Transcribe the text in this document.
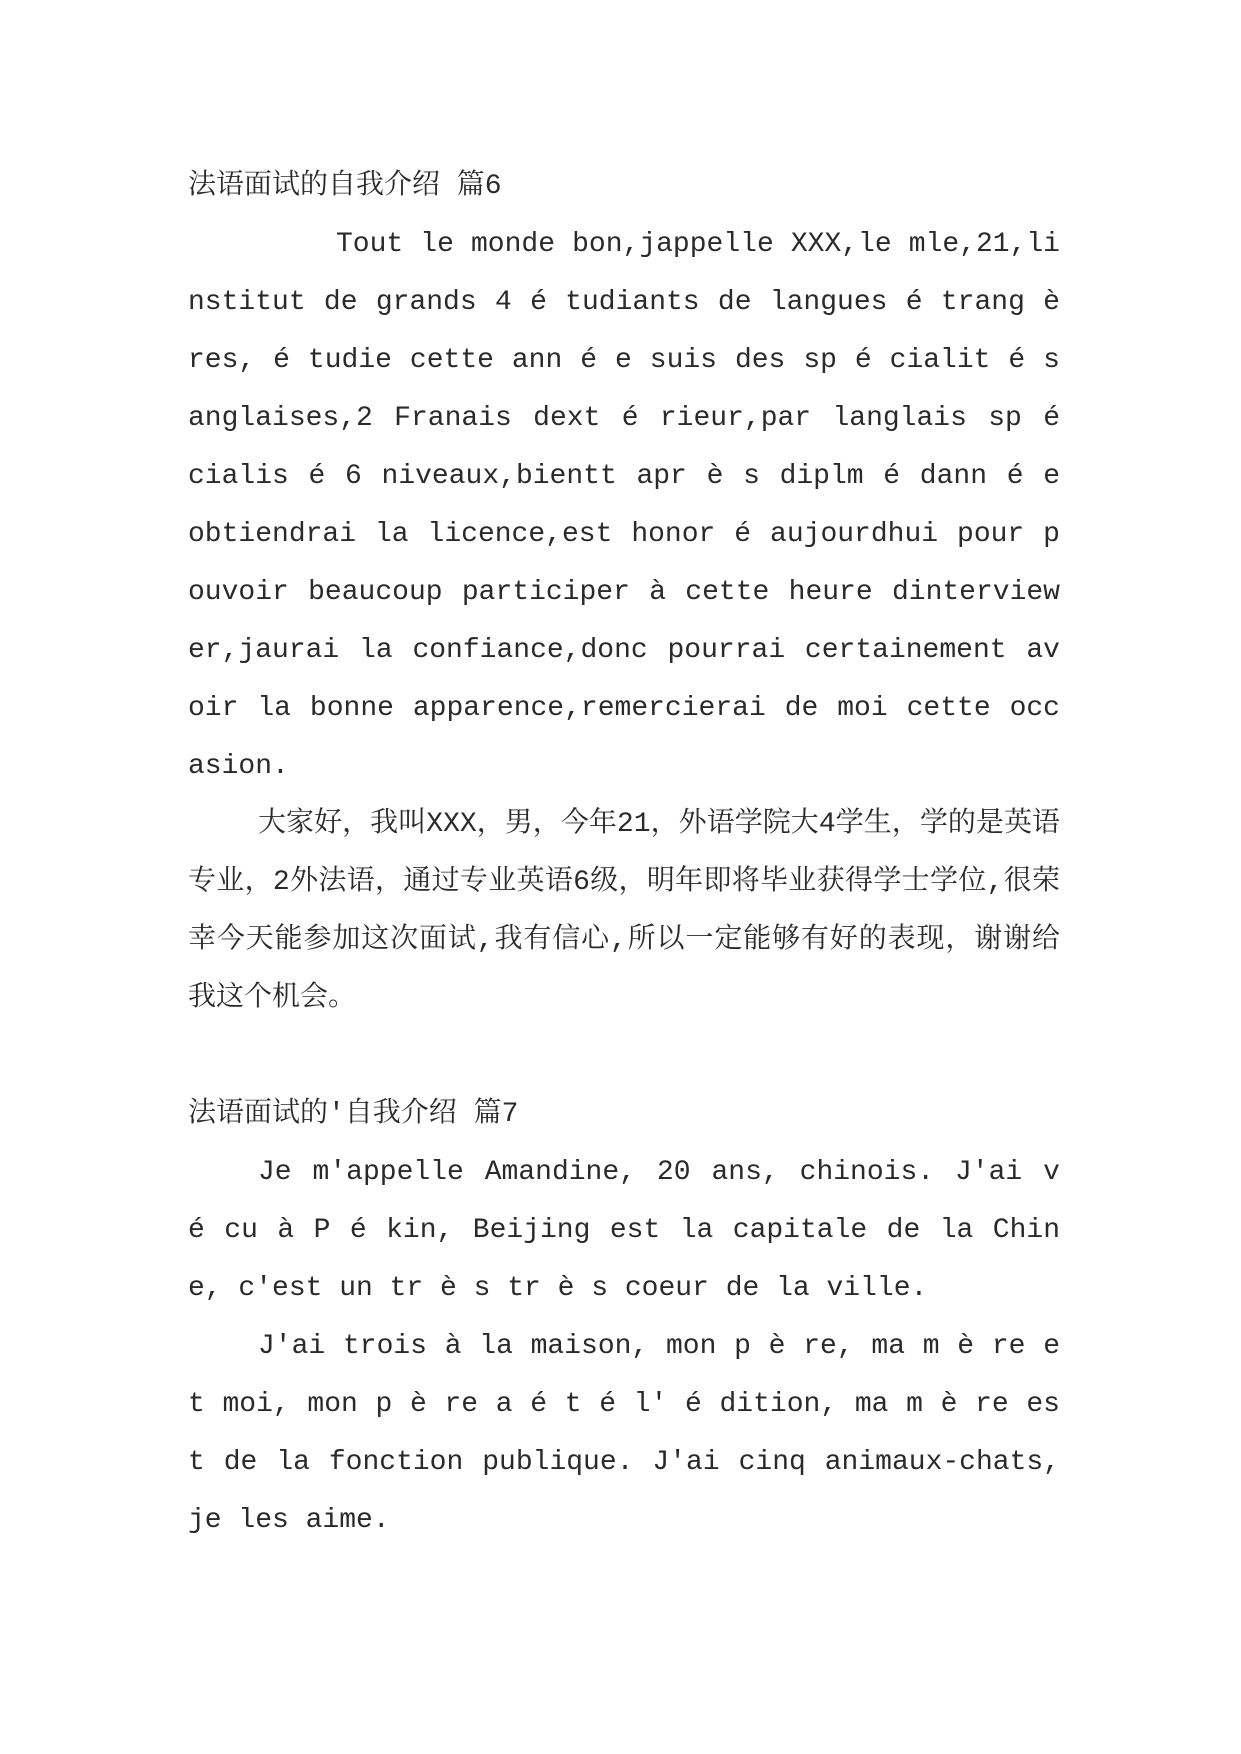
法语面试的自我介绍 篇6

Tout le monde bon,jappelle XXX,le mle,21,linstitut de grands 4 é tudiants de langues é trang è res, é tudie cette ann é e suis des sp é cialit é s anglaises,2 Franais dext é rieur,par langlais sp é cialis é 6 niveaux,bientt apr è s diplm é dann é e obtiendrai la licence,est honor é aujourdhui pour pouvoir beaucoup participer à cette heure dinterviewer,jaurai la confiance,donc pourrai certainement avoir la bonne apparence,remercierai de moi cette occasion.

大家好，我叫XXX，男，今年21，外语学院大4学生，学的是英语专业，2外法语，通过专业英语6级，明年即将毕业获得学士学位,很荣幸今天能参加这次面试,我有信心,所以一定能够有好的表现，谢谢给我这个机会。

法语面试的'自我介绍 篇7

Je m'appelle Amandine, 20 ans, chinois. J'ai v é cu à P é kin, Beijing est la capitale de la Chine, c'est un tr è s tr è s coeur de la ville.

J'ai trois à la maison, mon p è re, ma m è re et moi, mon p è re a é t é l' é dition, ma m è re est de la fonction publique. J'ai cinq animaux-chats, je les aime.
